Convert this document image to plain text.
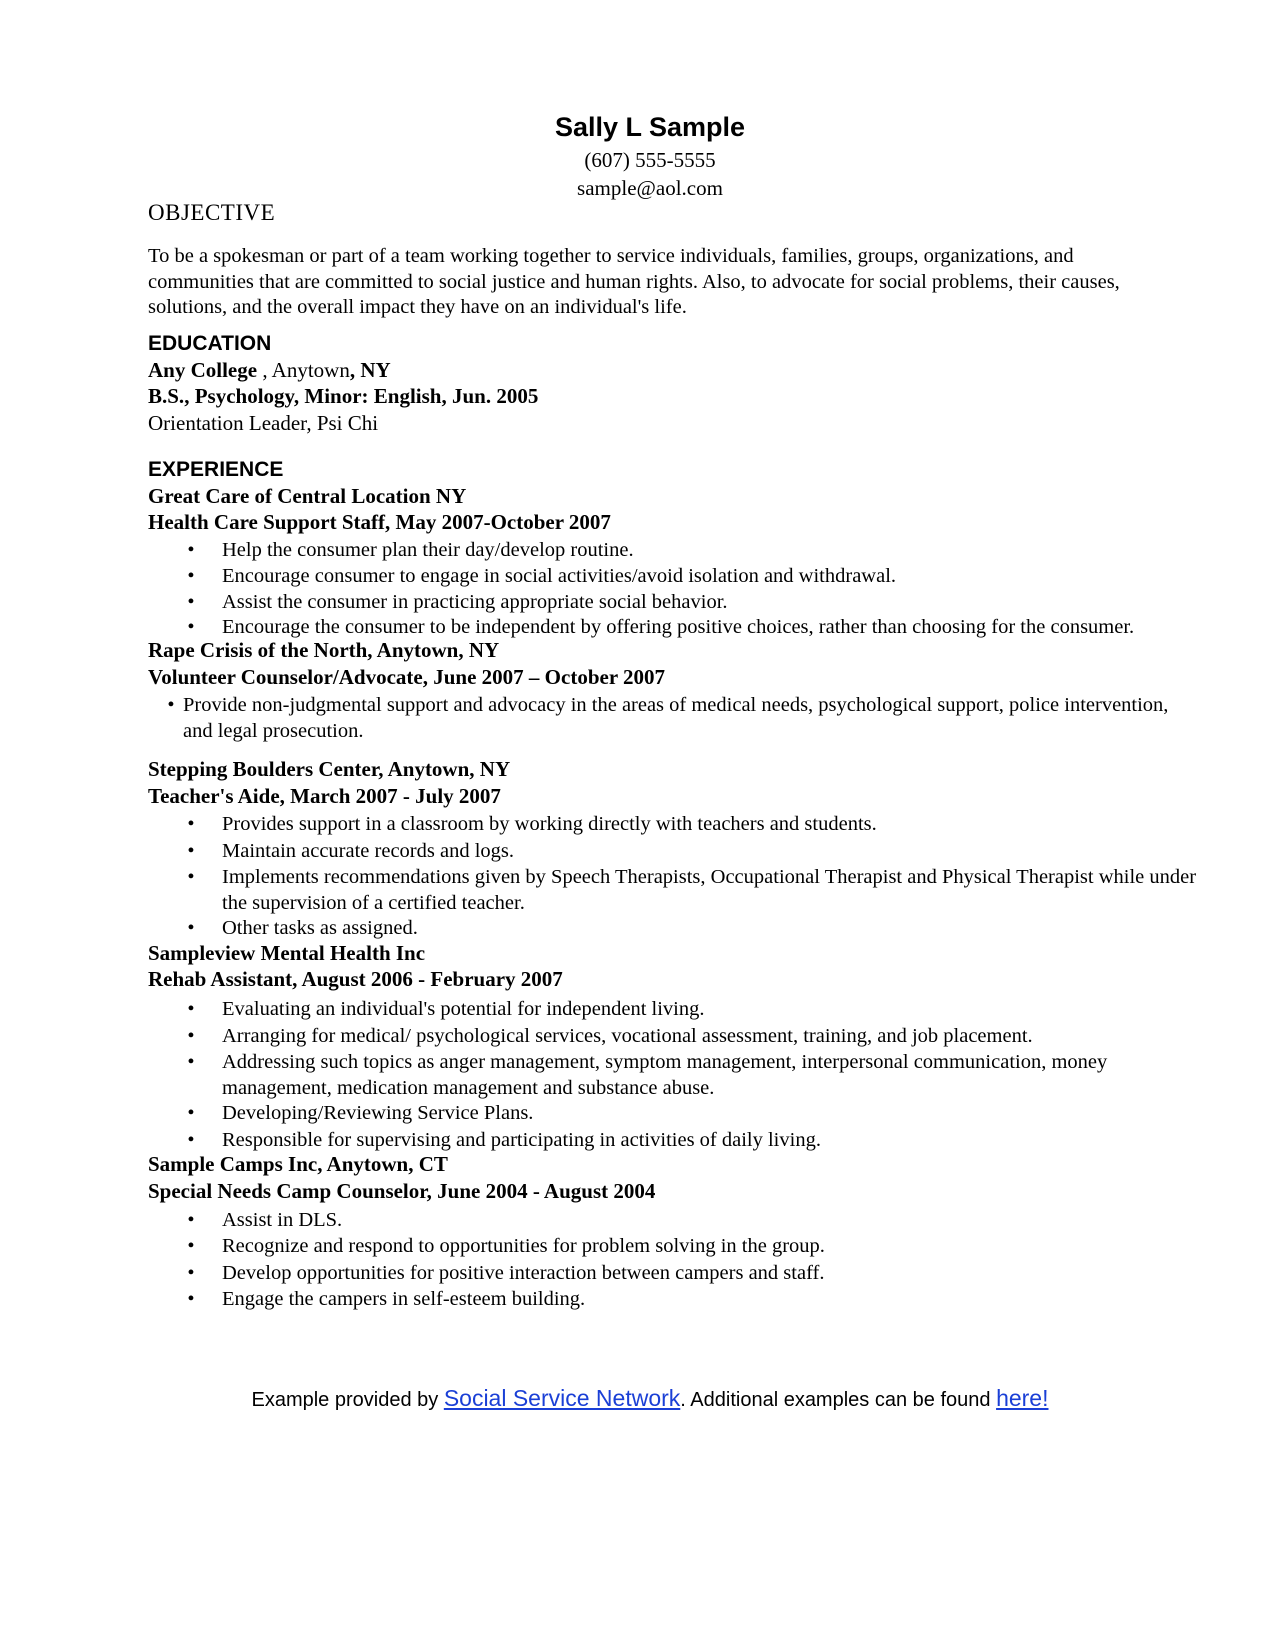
Sally L Sample
(607) 555-5555
sample@aol.com
OBJECTIVE
To be a spokesman or part of a team working together to service individuals, families, groups, organizations, and communities that are committed to social justice and human rights. Also, to advocate for social problems, their causes, solutions, and the overall impact they have on an individual's life.
EDUCATION
Any College , Anytown, NY
B.S., Psychology, Minor: English, Jun. 2005
Orientation Leader, Psi Chi
EXPERIENCE
Great Care of Central Location NY
Health Care Support Staff, May 2007-October 2007
• Help the consumer plan their day/develop routine.
• Encourage consumer to engage in social activities/avoid isolation and withdrawal.
• Assist the consumer in practicing appropriate social behavior.
• Encourage the consumer to be independent by offering positive choices, rather than choosing for the consumer.
Rape Crisis of the North, Anytown, NY
Volunteer Counselor/Advocate, June 2007 – October 2007
• Provide non-judgmental support and advocacy in the areas of medical needs, psychological support, police intervention, and legal prosecution.
Stepping Boulders Center, Anytown, NY
Teacher's Aide, March 2007 - July 2007
• Provides support in a classroom by working directly with teachers and students.
• Maintain accurate records and logs.
• Implements recommendations given by Speech Therapists, Occupational Therapist and Physical Therapist while under the supervision of a certified teacher.
• Other tasks as assigned.
Sampleview Mental Health Inc
Rehab Assistant, August 2006 - February 2007
• Evaluating an individual's potential for independent living.
• Arranging for medical/ psychological services, vocational assessment, training, and job placement.
• Addressing such topics as anger management, symptom management, interpersonal communication, money management, medication management and substance abuse.
• Developing/Reviewing Service Plans.
• Responsible for supervising and participating in activities of daily living.
Sample Camps Inc, Anytown, CT
Special Needs Camp Counselor, June 2004 - August 2004
• Assist in DLS.
• Recognize and respond to opportunities for problem solving in the group.
• Develop opportunities for positive interaction between campers and staff.
• Engage the campers in self-esteem building.
Example provided by Social Service Network. Additional examples can be found here!
